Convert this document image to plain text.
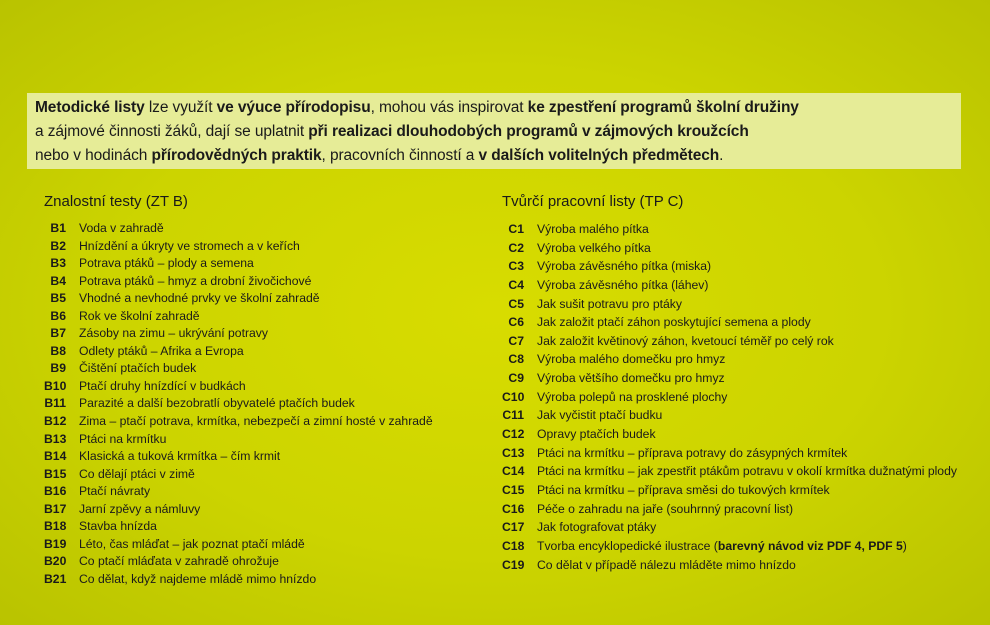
Metodické listy lze využít ve výuce přírodopisu, mohou vás inspirovat ke zpestření programů školní družiny
a zájmové činnosti žáků, dají se uplatnit při realizaci dlouhodobých programů v zájmových kroužcích
nebo v hodinách přírodovědných praktik, pracovních činností a v dalších volitelných předmětech.
Znalostní testy (ZT B)
B1 Voda v zahradě
B2 Hnízdění a úkryty ve stromech a v keřích
B3 Potrava ptáků – plody a semena
B4 Potrava ptáků – hmyz a drobní živočichové
B5 Vhodné a nevhodné prvky ve školní zahradě
B6 Rok ve školní zahradě
B7 Zásoby na zimu – ukrývání potravy
B8 Odlety ptáků – Afrika a Evropa
B9 Čištění ptačích budek
B10 Ptačí druhy hnízdící v budkách
B11 Parazité a další bezobratlí obyvatelé ptačích budek
B12 Zima – ptačí potrava, krmítka, nebezpečí a zimní hosté v zahradě
B13 Ptáci na krmítku
B14 Klasická a tuková krmítka – čím krmit
B15 Co dělají ptáci v zimě
B16 Ptačí návraty
B17 Jarní zpěvy a námluvy
B18 Stavba hnízda
B19 Léto, čas mláďat – jak poznat ptačí mládě
B20 Co ptačí mláďata v zahradě ohrožuje
B21 Co dělat, když najdeme mládě mimo hnízdo
Tvůrčí pracovní listy (TP C)
C1 Výroba malého pítka
C2 Výroba velkého pítka
C3 Výroba závěsného pítka (miska)
C4 Výroba závěsného pítka (láhev)
C5 Jak sušit potravu pro ptáky
C6 Jak založit ptačí záhon poskytující semena a plody
C7 Jak založit květinový záhon, kvetoucí téměř po celý rok
C8 Výroba malého domečku pro hmyz
C9 Výroba většího domečku pro hmyz
C10 Výroba polepů na prosklené plochy
C11 Jak vyčistit ptačí budku
C12 Opravy ptačích budek
C13 Ptáci na krmítku – příprava potravy do zásypných krmítek
C14 Ptáci na krmítku – jak zpestřit ptákům potravu v okolí krmítka dužnatými plody
C15 Ptáci na krmítku – příprava směsi do tukových krmítek
C16 Péče o zahradu na jaře (souhrnný pracovní list)
C17 Jak fotografovat ptáky
C18 Tvorba encyklopedické ilustrace (barevný návod viz PDF 4, PDF 5)
C19 Co dělat v případě nálezu mláděte mimo hnízdo
